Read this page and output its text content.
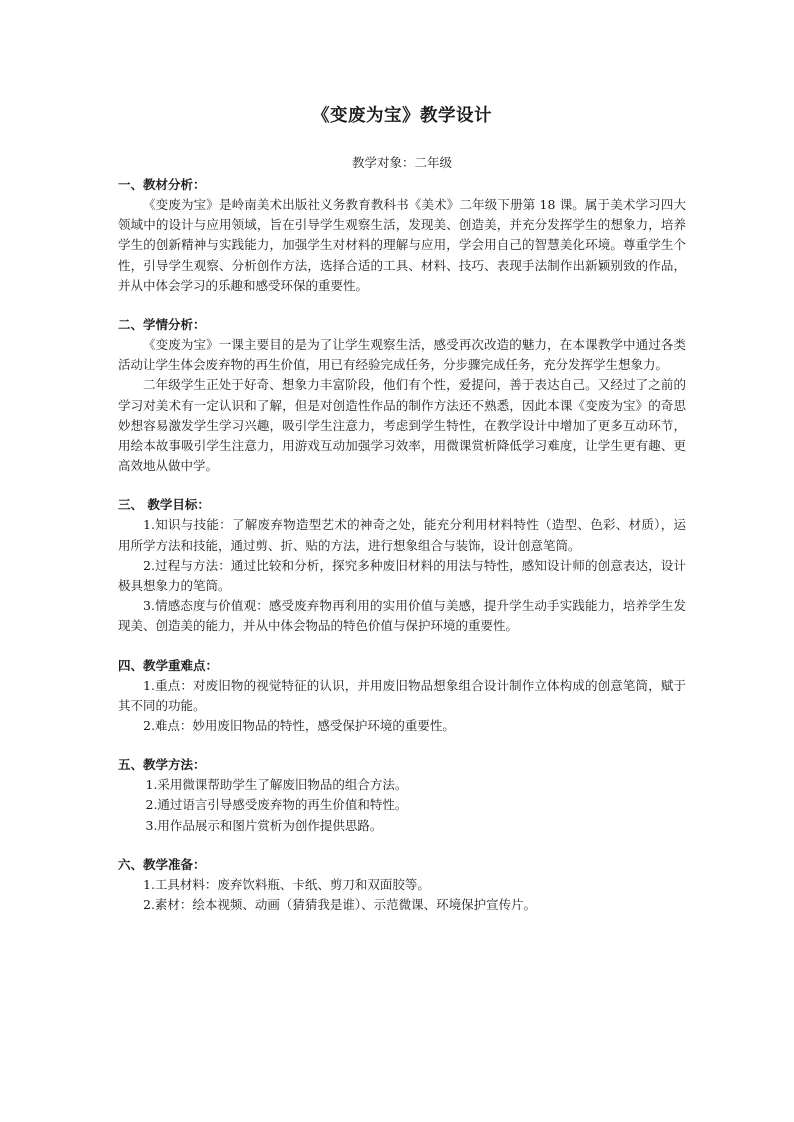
《变废为宝》教学设计

教学对象：二年级

一、教材分析：

《变废为宝》是岭南美术出版社义务教育教科书《美术》二年级下册第 18 课。属于美术学习四大领域中的设计与应用领域，旨在引导学生观察生活，发现美、创造美，并充分发挥学生的想象力，培养学生的创新精神与实践能力，加强学生对材料的理解与应用，学会用自己的智慧美化环境。尊重学生个性，引导学生观察、分析创作方法，选择合适的工具、材料、技巧、表现手法制作出新颖别致的作品，并从中体会学习的乐趣和感受环保的重要性。

二、学情分析：

《变废为宝》一课主要目的是为了让学生观察生活，感受再次改造的魅力，在本课教学中通过各类活动让学生体会废弃物的再生价值，用已有经验完成任务，分步骤完成任务，充分发挥学生想象力。

二年级学生正处于好奇、想象力丰富阶段，他们有个性，爱提问，善于表达自己。又经过了之前的学习对美术有一定认识和了解，但是对创造性作品的制作方法还不熟悉，因此本课《变废为宝》的奇思妙想容易激发学生学习兴趣，吸引学生注意力，考虑到学生特性，在教学设计中增加了更多互动环节，用绘本故事吸引学生注意力，用游戏互动加强学习效率，用微课赏析降低学习难度，让学生更有趣、更高效地从做中学。

三、 教学目标：

1.知识与技能：了解废弃物造型艺术的神奇之处，能充分利用材料特性（造型、色彩、材质），运用所学方法和技能，通过剪、折、贴的方法，进行想象组合与装饰，设计创意笔筒。

2.过程与方法：通过比较和分析，探究多种废旧材料的用法与特性，感知设计师的创意表达，设计极具想象力的笔筒。

3.情感态度与价值观：感受废弃物再利用的实用价值与美感，提升学生动手实践能力，培养学生发现美、创造美的能力，并从中体会物品的特色价值与保护环境的重要性。

四、教学重难点：

1.重点：对废旧物的视觉特征的认识，并用废旧物品想象组合设计制作立体构成的创意笔筒，赋于其不同的功能。

2.难点：妙用废旧物品的特性，感受保护环境的重要性。

五、教学方法：

1.采用微课帮助学生了解废旧物品的组合方法。

2.通过语言引导感受废弃物的再生价值和特性。

3.用作品展示和图片赏析为创作提供思路。

六、教学准备：

1.工具材料：废弃饮料瓶、卡纸、剪刀和双面胶等。

2.素材：绘本视频、动画（猜猜我是谁）、示范微课、环境保护宣传片。
